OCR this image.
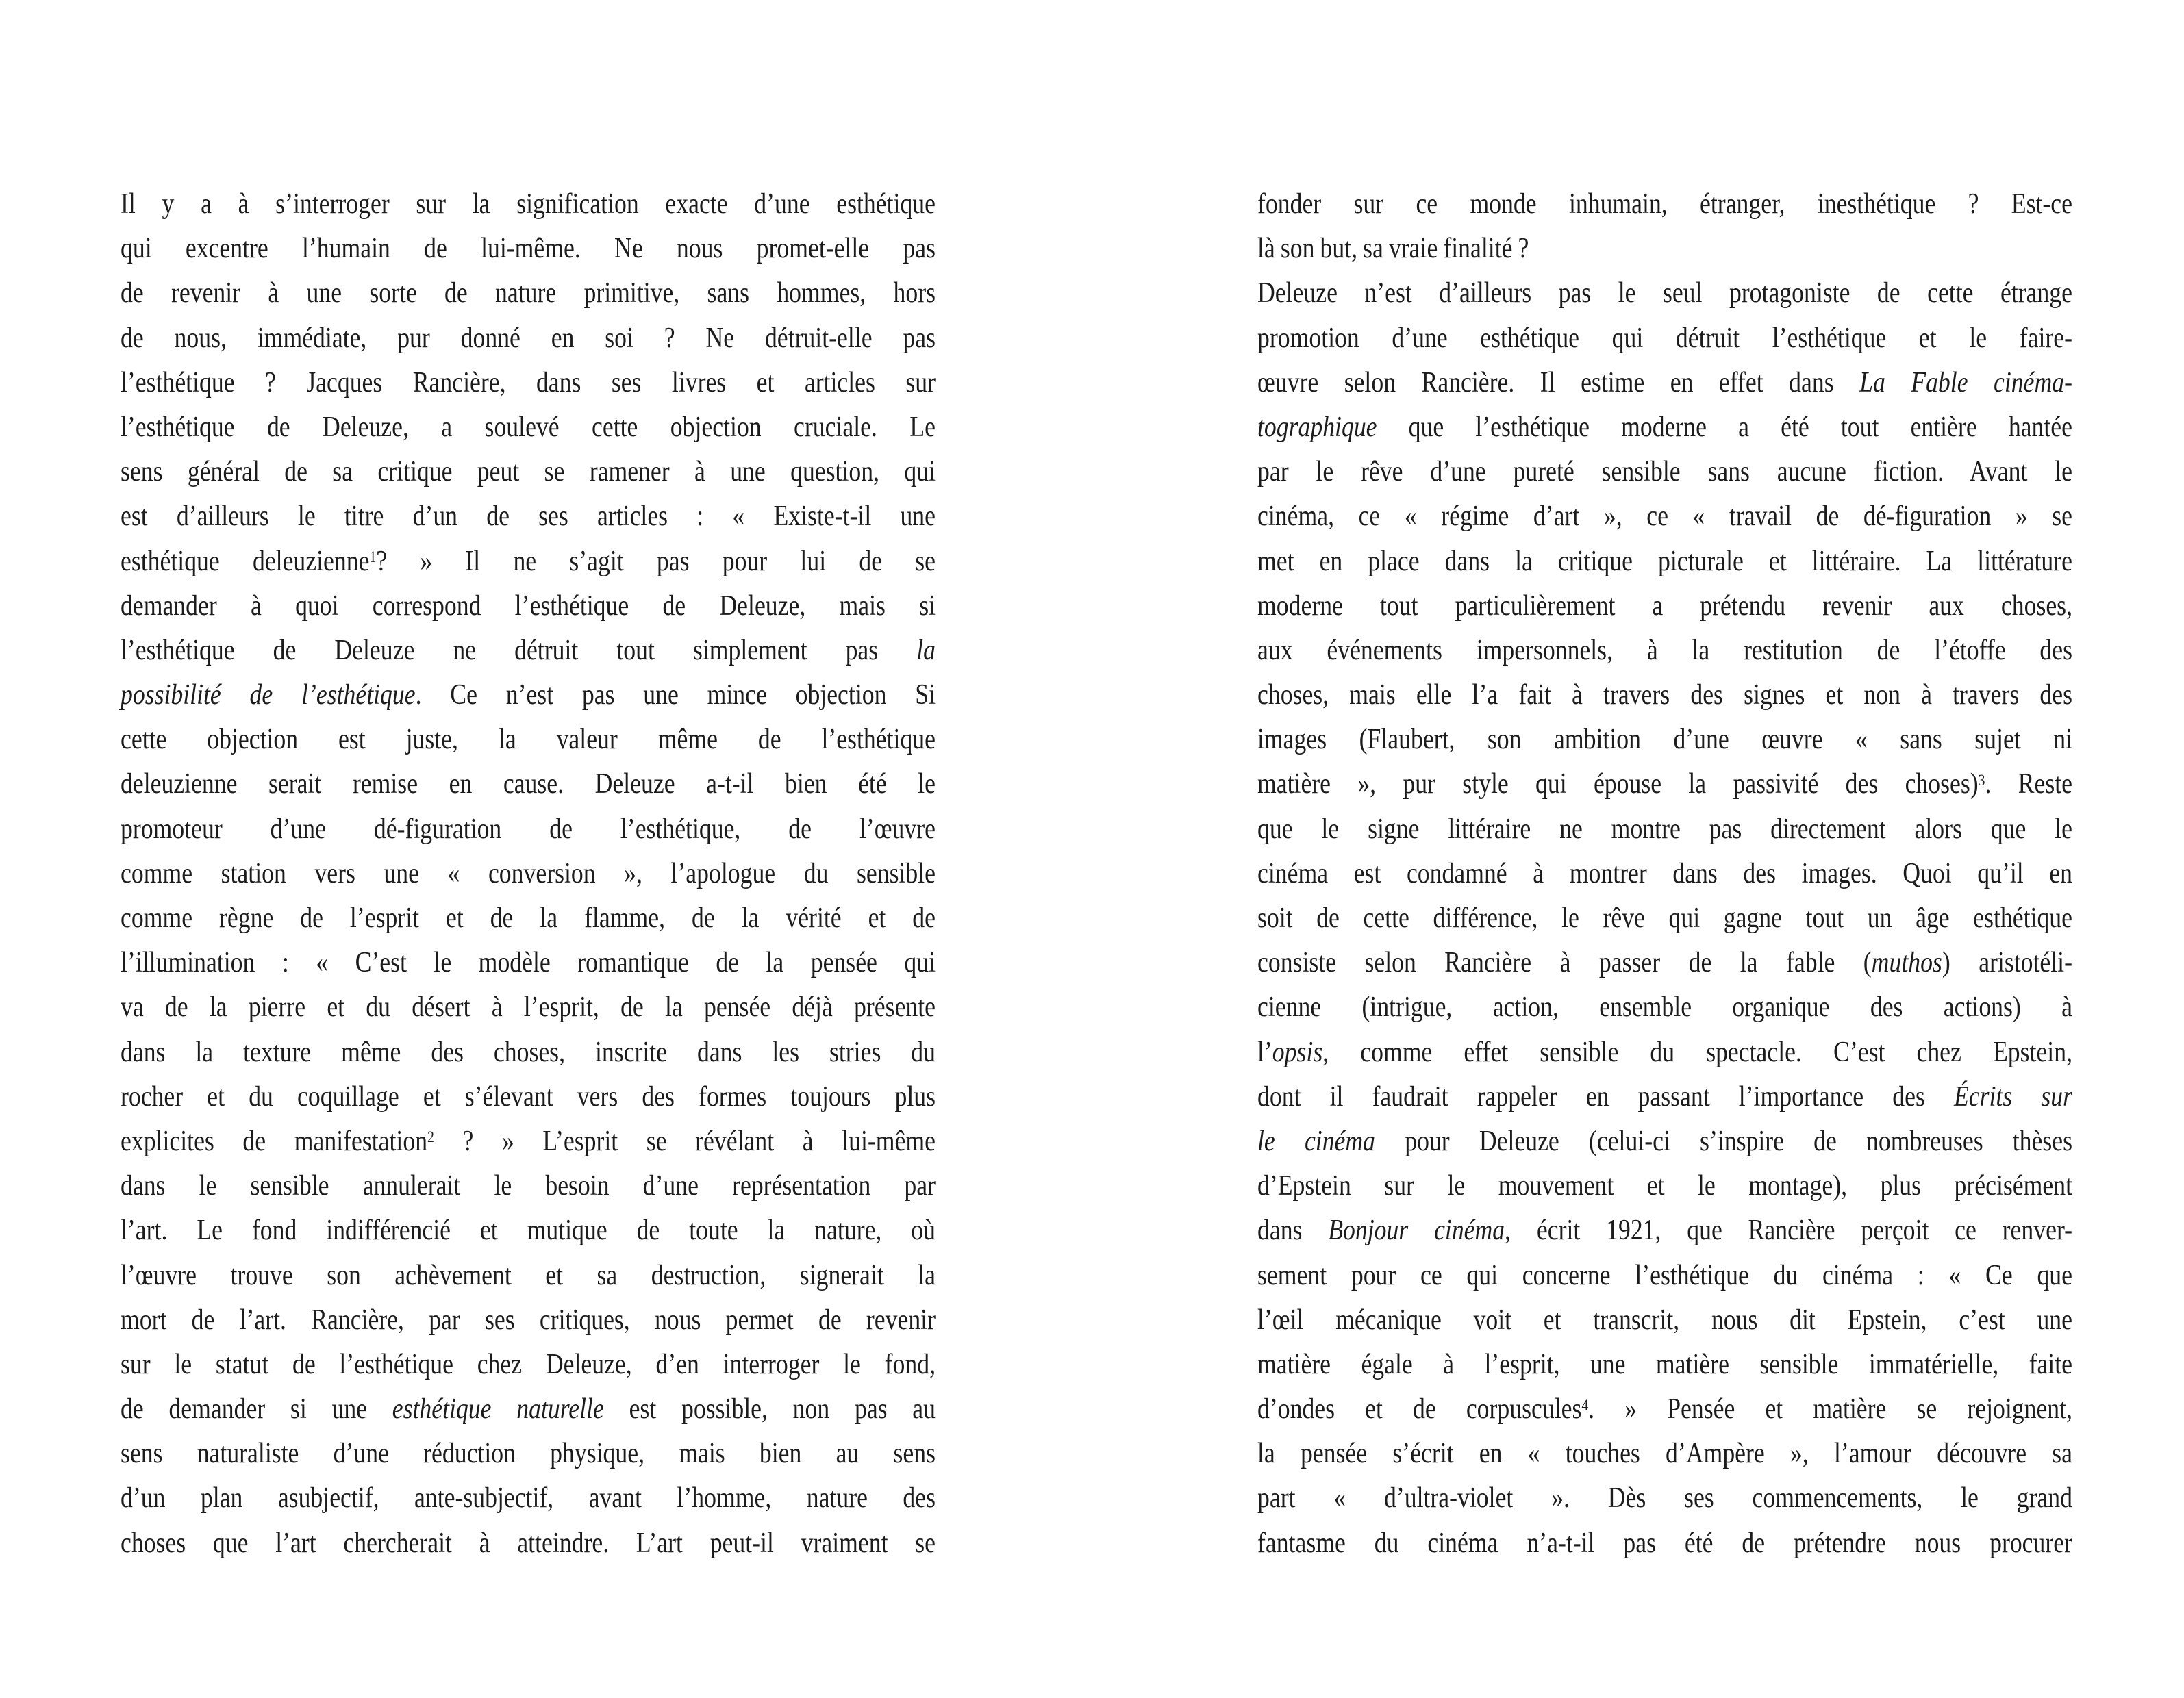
Il y a à s’interroger sur la signification exacte d’une esthétique
qui excentre l’humain de lui-même. Ne nous promet-elle pas
de revenir à une sorte de nature primitive, sans hommes, hors
de nous, immédiate, pur donné en soi ? Ne détruit-elle pas
l’esthétique ? Jacques Rancière, dans ses livres et articles sur
l’esthétique de Deleuze, a soulevé cette objection cruciale. Le
sens général de sa critique peut se ramener à une question, qui
est d’ailleurs le titre d’un de ses articles : « Existe-t-il une
esthétique deleuzienne$^1$? » Il ne s’agit pas pour lui de se
demander à quoi correspond l’esthétique de Deleuze, mais si
l’esthétique de Deleuze ne détruit tout simplement pas la
possibilité de l’esthétique. Ce n’est pas une mince objection Si
cette objection est juste, la valeur même de l’esthétique
deleuzienne serait remise en cause. Deleuze a-t-il bien été le
promoteur d’une dé-figuration de l’esthétique, de l’œuvre
comme station vers une « conversion », l’apologue du sensible
comme règne de l’esprit et de la flamme, de la vérité et de
l’illumination : « C’est le modèle romantique de la pensée qui
va de la pierre et du désert à l’esprit, de la pensée déjà présente
dans la texture même des choses, inscrite dans les stries du
rocher et du coquillage et s’élevant vers des formes toujours plus
explicites de manifestation$^2$ ? » L’esprit se révélant à lui-même
dans le sensible annulerait le besoin d’une représentation par
l’art. Le fond indifférencié et mutique de toute la nature, où
l’œuvre trouve son achèvement et sa destruction, signerait la
mort de l’art. Rancière, par ses critiques, nous permet de revenir
sur le statut de l’esthétique chez Deleuze, d’en interroger le fond,
de demander si une esthétique naturelle est possible, non pas au
sens naturaliste d’une réduction physique, mais bien au sens
d’un plan asubjectif, ante-subjectif, avant l’homme, nature des
choses que l’art chercherait à atteindre. L’art peut-il vraiment se
fonder sur ce monde inhumain, étranger, inesthétique ? Est-ce
là son but, sa vraie finalité ?
Deleuze n’est d’ailleurs pas le seul protagoniste de cette étrange
promotion d’une esthétique qui détruit l’esthétique et le faire-
œuvre selon Rancière. Il estime en effet dans La Fable cinéma-
tographique que l’esthétique moderne a été tout entière hantée
par le rêve d’une pureté sensible sans aucune fiction. Avant le
cinéma, ce « régime d’art », ce « travail de dé-figuration » se
met en place dans la critique picturale et littéraire. La littérature
moderne tout particulièrement a prétendu revenir aux choses,
aux événements impersonnels, à la restitution de l’étoffe des
choses, mais elle l’a fait à travers des signes et non à travers des
images (Flaubert, son ambition d’une œuvre « sans sujet ni
matière », pur style qui épouse la passivité des choses)$^3$. Reste
que le signe littéraire ne montre pas directement alors que le
cinéma est condamné à montrer dans des images. Quoi qu’il en
soit de cette différence, le rêve qui gagne tout un âge esthétique
consiste selon Rancière à passer de la fable (muthos) aristotéli-
cienne (intrigue, action, ensemble organique des actions) à
l’opsis, comme effet sensible du spectacle. C’est chez Epstein,
dont il faudrait rappeler en passant l’importance des Écrits sur
le cinéma pour Deleuze (celui-ci s’inspire de nombreuses thèses
d’Epstein sur le mouvement et le montage), plus précisément
dans Bonjour cinéma, écrit 1921, que Rancière perçoit ce renver-
sement pour ce qui concerne l’esthétique du cinéma : « Ce que
l’œil mécanique voit et transcrit, nous dit Epstein, c’est une
matière égale à l’esprit, une matière sensible immatérielle, faite
d’ondes et de corpuscules$^4$. » Pensée et matière se rejoignent,
la pensée s’écrit en « touches d’Ampère », l’amour découvre sa
part « d’ultra-violet ». Dès ses commencements, le grand
fantasme du cinéma n’a-t-il pas été de prétendre nous procurer
